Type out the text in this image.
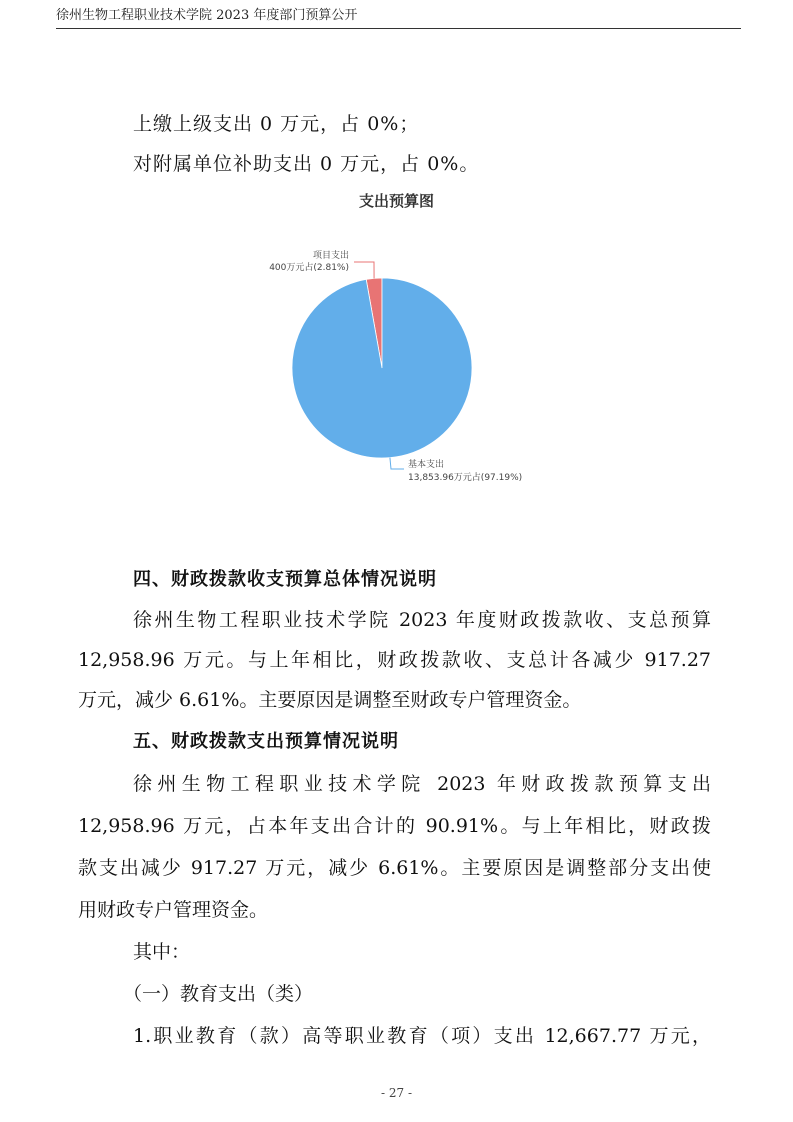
徐州生物工程职业技术学院 2023 年度部门预算公开
上缴上级支出 0 万元，占 0%；
对附属单位补助支出 0 万元，占 0%。
支出预算图
项目支出
400万元占(2.81%)
基本支出
13,853.96万元占(97.19%)
四、财政拨款收支预算总体情况说明
徐州生物工程职业技术学院 2023 年度财政拨款收、支总预算
12,958.96 万元。与上年相比，财政拨款收、支总计各减少 917.27
万元，减少 6.61%。主要原因是调整至财政专户管理资金。
五、财政拨款支出预算情况说明
徐州生物工程职业技术学院 2023 年财政拨款预算支出
12,958.96 万元，占本年支出合计的 90.91%。与上年相比，财政拨
款支出减少 917.27 万元，减少 6.61%。主要原因是调整部分支出使
用财政专户管理资金。
其中：
（一）教育支出（类）
1.职业教育（款）高等职业教育（项）支出 12,667.77 万元，
- 27 -
